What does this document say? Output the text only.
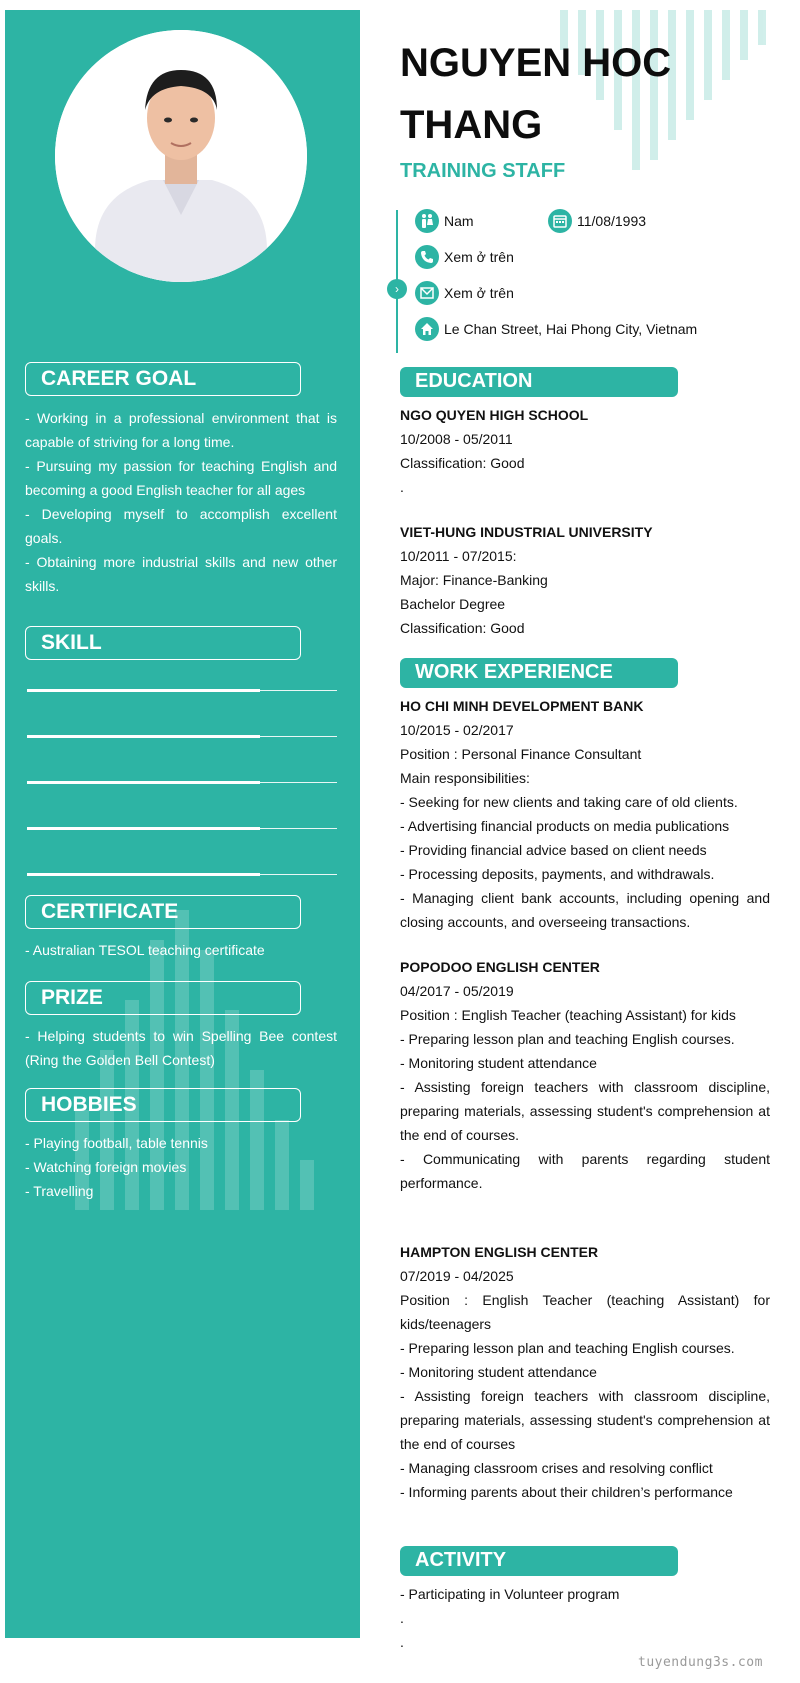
CAREER GOAL

- Working in a professional environment that is capable of striving for a long time.

- Pursuing my passion for teaching English and becoming a good English teacher for all ages

- Developing myself to accomplish excellent goals.

- Obtaining more industrial skills and new other skills.

SKILL
CERTIFICATE

- Australian TESOL teaching certificate

PRIZE

- Helping students to win Spelling Bee contest (Ring the Golden Bell Contest)

HOBBIES

- Playing football, table tennis

- Watching foreign movies

- Travelling

NGUYEN HOC
THANG
TRAINING STAFF
›
Nam	11/08/1993
Xem ở trên
Xem ở trên
Le Chan Street, Hai Phong City, Vietnam
EDUCATION

NGO QUYEN HIGH SCHOOL

10/2008 - 05/2011

Classification: Good

.

VIET-HUNG INDUSTRIAL UNIVERSITY

10/2011 - 07/2015:

Major: Finance-Banking

Bachelor Degree

Classification: Good

WORK EXPERIENCE

HO CHI MINH DEVELOPMENT BANK

10/2015 - 02/2017

Position : Personal Finance Consultant

Main responsibilities:

- Seeking for new clients and taking care of old clients.

- Advertising financial products on media publications

- Providing financial advice based on client needs

- Processing deposits, payments, and withdrawals.

- Managing client bank accounts, including opening and closing accounts, and overseeing transactions.

POPODOO ENGLISH CENTER

04/2017 - 05/2019

Position : English Teacher (teaching Assistant) for kids

- Preparing lesson plan and teaching English courses.

- Monitoring student attendance

- Assisting foreign teachers with classroom discipline, preparing materials, assessing student's comprehension at the end of courses.

- Communicating with parents regarding student performance.

HAMPTON ENGLISH CENTER

07/2019 - 04/2025

Position : English Teacher (teaching Assistant) for kids/teenagers

- Preparing lesson plan and teaching English courses.

- Monitoring student attendance

- Assisting foreign teachers with classroom discipline, preparing materials, assessing student's comprehension at the end of courses

- Managing classroom crises and resolving conflict

- Informing parents about their children’s performance

ACTIVITY

- Participating in Volunteer program

.

.

tuyendung3s.com
